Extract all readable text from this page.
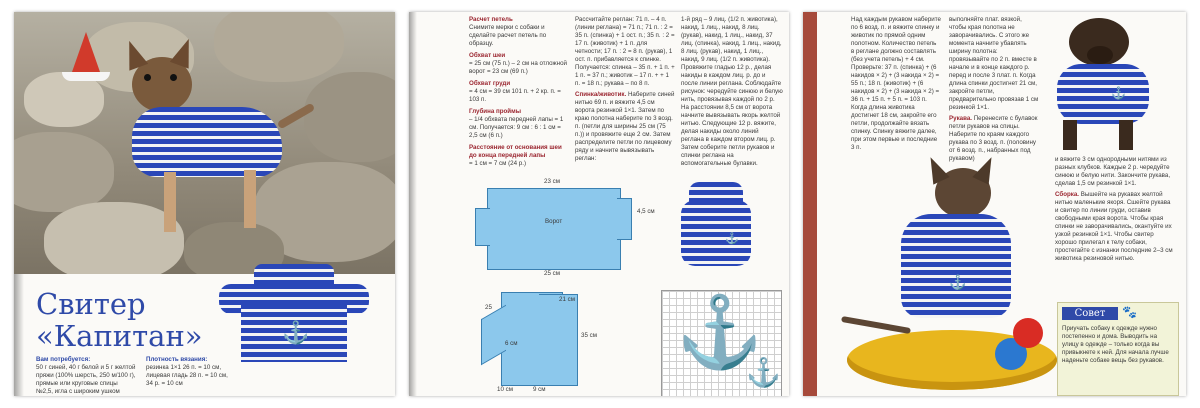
⚓
Свитер
«Капитан»
Вам потребуется:
50 г синей, 40 г белой и 5 г желтой пряжи (100% шерсть, 250 м/100 г), прямые или круговые спицы №2,5, игла с широким ушком
Плотность вязания:
резинка 1×1 26 п. = 10 см,
лицевая гладь 28 п. = 10 см,
34 р. = 10 см
Расчет петель
Снимите мерки с собаки и сделайте расчет петель по образцу.
Обхват шеи
= 25 см (75 п.) – 2 см на отложной ворот = 23 см (69 п.)
Обхват груди
= 4 см = 39 см 101 п. + 2 кр. п. = 103 п.
Глубина проймы
– 1/4 обхвата передней лапы = 1 см. Получается: 9 см : 6 : 1 см = 2,5 см (6 п.)
Расстояние от основания шеи до конца передней лапы
= 1 см = 7 см (24 р.)
Рассчитайте реглан: 71 п. – 4 п. (линии реглана) = 71 п.; 71 п. : 2 = 35 п. (спинка) + 1 ост. п.; 35 п. : 2 = 17 п. (животик) + 1 п. для четности; 17 п. : 2 = 8 п. (рукав), 1 ост. п. прибавляется к спинке. Получается: спинка – 35 п. + 1 п. + 1 п. = 37 п.; животик – 17 п. + + 1 п. = 18 п.; рукава – по 8 п.
Спинка/животик. Наберите синей нитью 69 п. и вяжите 4,5 см ворота резинкой 1×1. Затем по краю полотна наберите по 3 возд. п. (петли для ширины 25 см (75 п.)) и провяжите еще 2 см. Затем распределите петли по лицевому ряду и начните вывязывать реглан:
1-й ряд – 9 лиц. (1/2 п. животика), накид, 1 лиц., накид, 8 лиц. (рукав), накид, 1 лиц., накид, 37 лиц. (спинка), накид, 1 лиц., накид, 8 лиц. (рукав), накид, 1 лиц., накид, 9 лиц. (1/2 п. животика). Провяжите гладью 12 р., делая накиды в каждом лиц. р. до и после линии реглана. Соблюдайте рисунок: чередуйте синюю и белую нить, провязывая каждой по 2 р. На расстоянии 8,5 см от ворота начните вывязывать якорь желтой нитью. Следующие 12 р. вяжите, делая накиды около линий реглана в каждом втором лиц. р. Затем соберите петли рукавов и спинки реглана на вспомогательные булавки.
23 см
25 см
4,5 см
Ворот
25
6 см
35 см
21 см
10 см	9 см
⚓
⚓
⚓
Над каждым рукавом наберите по 6 возд. п. и вяжите спинку и животик по прямой одним полотном. Количество петель в реглане должно составлять (без учета петель) + 4 см. Проверьте: 37 п. (спинка) + (6 накидов × 2) + (3 накида × 2) = 55 п.; 18 п. (животик) + (6 накидов × 2) + (3 накида × 2) = 36 п. + 15 п. + 5 п. = 103 п. Когда длина животика достигнет 18 см, закройте его петли, продолжайте вязать спинку. Спинку вяжите далее, при этом первые и последние 3 п.
выполняйте плат. вязкой, чтобы края полотна не заворачивались. С этого же момента начните убавлять ширину полотна: провязывайте по 2 п. вместе в начале и в конце каждого р. перед и после 3 плат. п. Когда длина спинки достигнет 21 см, закройте петли, предварительно провязав 1 см резинкой 1×1.
Рукава. Перенесите с булавок петли рукавов на спицы. Наберите по краям каждого рукава по 3 возд. п. (половину от 6 возд. п., набранных под рукавом)	и вяжите 3 см однородными нитями из разных клубков. Каждые 2 р. чередуйте синюю и белую нити. Закончите рукава, сделав 1,5 см резинкой 1×1.
Сборка. Вышейте на рукавах желтой нитью маленькие якоря. Сшейте рукава и свитер по линии груди, оставив свободными края ворота. Чтобы края спинки не заворачивались, окантуйте их узкой резинкой 1×1. Чтобы свитер хорошо прилегал к телу собаки, простегайте с изнанки последние 2–3 см животика резиновой нитью.
⚓
⚓
Совет	🐾
Приучать собаку к одежде нужно постепенно и дома. Выводить на улицу в одежде – только когда вы привыкнете к ней. Для начала лучше наденьте собаке вещь без рукавов.
